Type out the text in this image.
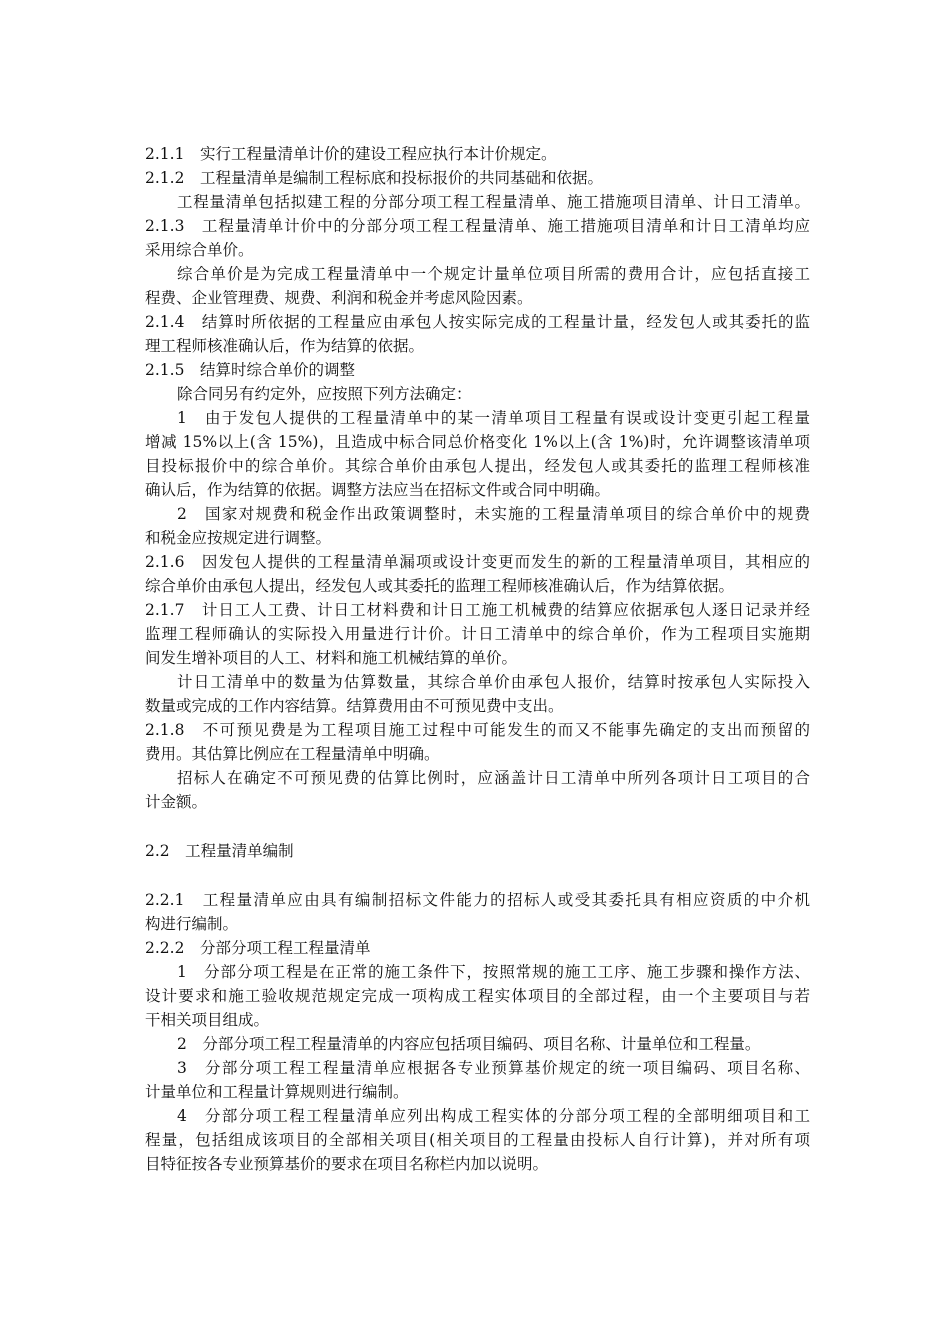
2.1.1　实行工程量清单计价的建设工程应执行本计价规定。
2.1.2　工程量清单是编制工程标底和投标报价的共同基础和依据。
工程量清单包括拟建工程的分部分项工程工程量清单、施工措施项目清单、计日工清单。
2.1.3　工程量清单计价中的分部分项工程工程量清单、施工措施项目清单和计日工清单均应
采用综合单价。
综合单价是为完成工程量清单中一个规定计量单位项目所需的费用合计，应包括直接工
程费、企业管理费、规费、利润和税金并考虑风险因素。
2.1.4　结算时所依据的工程量应由承包人按实际完成的工程量计量，经发包人或其委托的监
理工程师核准确认后，作为结算的依据。
2.1.5　结算时综合单价的调整
除合同另有约定外，应按照下列方法确定：
1　由于发包人提供的工程量清单中的某一清单项目工程量有误或设计变更引起工程量
增减 15%以上(含 15%)，且造成中标合同总价格变化 1%以上(含 1%)时，允许调整该清单项
目投标报价中的综合单价。其综合单价由承包人提出，经发包人或其委托的监理工程师核准
确认后，作为结算的依据。调整方法应当在招标文件或合同中明确。
2　国家对规费和税金作出政策调整时，未实施的工程量清单项目的综合单价中的规费
和税金应按规定进行调整。
2.1.6　因发包人提供的工程量清单漏项或设计变更而发生的新的工程量清单项目，其相应的
综合单价由承包人提出，经发包人或其委托的监理工程师核准确认后，作为结算依据。
2.1.7　计日工人工费、计日工材料费和计日工施工机械费的结算应依据承包人逐日记录并经
监理工程师确认的实际投入用量进行计价。计日工清单中的综合单价，作为工程项目实施期
间发生增补项目的人工、材料和施工机械结算的单价。
计日工清单中的数量为估算数量，其综合单价由承包人报价，结算时按承包人实际投入
数量或完成的工作内容结算。结算费用由不可预见费中支出。
2.1.8　不可预见费是为工程项目施工过程中可能发生的而又不能事先确定的支出而预留的
费用。其估算比例应在工程量清单中明确。
招标人在确定不可预见费的估算比例时，应涵盖计日工清单中所列各项计日工项目的合
计金额。
2.2　工程量清单编制
2.2.1　工程量清单应由具有编制招标文件能力的招标人或受其委托具有相应资质的中介机
构进行编制。
2.2.2　分部分项工程工程量清单
1　分部分项工程是在正常的施工条件下，按照常规的施工工序、施工步骤和操作方法、
设计要求和施工验收规范规定完成一项构成工程实体项目的全部过程，由一个主要项目与若
干相关项目组成。
2　分部分项工程工程量清单的内容应包括项目编码、项目名称、计量单位和工程量。
3　分部分项工程工程量清单应根据各专业预算基价规定的统一项目编码、项目名称、
计量单位和工程量计算规则进行编制。
4　分部分项工程工程量清单应列出构成工程实体的分部分项工程的全部明细项目和工
程量，包括组成该项目的全部相关项目(相关项目的工程量由投标人自行计算)，并对所有项
目特征按各专业预算基价的要求在项目名称栏内加以说明。
